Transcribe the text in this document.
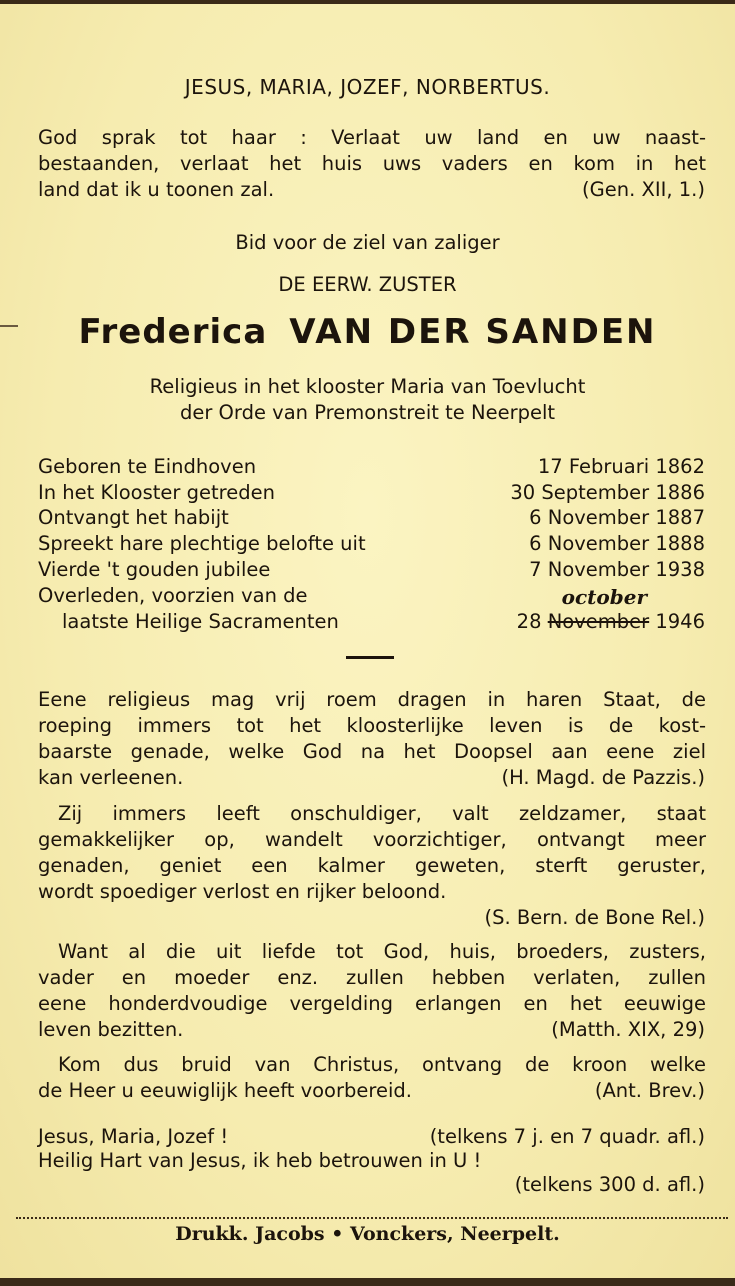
JESUS, MARIA, JOZEF, NORBERTUS.
God sprak tot haar : Verlaat uw land en uw naast-
bestaanden, verlaat het huis uws vaders en kom in het
land dat ik u toonen zal.	(Gen. XII, 1.)
Bid voor de ziel van zaliger
DE EERW. ZUSTER
Frederica VAN DER SANDEN
Religieus in het klooster Maria van Toevlucht
der Orde van Premonstreit te Neerpelt
Geboren te Eindhoven	17 Februari 1862
In het Klooster getreden	30 September 1886
Ontvangt het habijt	6 November 1887
Spreekt hare plechtige belofte uit	6 November 1888
Vierde 't gouden jubilee	7 November 1938
Overleden, voorzien van de	october
laatste Heilige Sacramenten	28 November 1946
Eene religieus mag vrij roem dragen in haren Staat, de
roeping immers tot het kloosterlijke leven is de kost-
baarste genade, welke God na het Doopsel aan eene ziel
kan verleenen.	(H. Magd. de Pazzis.)
Zij immers leeft onschuldiger, valt zeldzamer, staat
gemakkelijker op, wandelt voorzichtiger, ontvangt meer
genaden, geniet een kalmer geweten, sterft geruster,
wordt spoediger verlost en rijker beloond.
(S. Bern. de Bone Rel.)
Want al die uit liefde tot God, huis, broeders, zusters,
vader en moeder enz. zullen hebben verlaten, zullen
eene honderdvoudige vergelding erlangen en het eeuwige
leven bezitten.	(Matth. XIX, 29)
Kom dus bruid van Christus, ontvang de kroon welke
de Heer u eeuwiglijk heeft voorbereid.	(Ant. Brev.)
Jesus, Maria, Jozef !	(telkens 7 j. en 7 quadr. afl.)
Heilig Hart van Jesus, ik heb betrouwen in U !
(telkens 300 d. afl.)
Drukk. Jacobs • Vonckers, Neerpelt.
